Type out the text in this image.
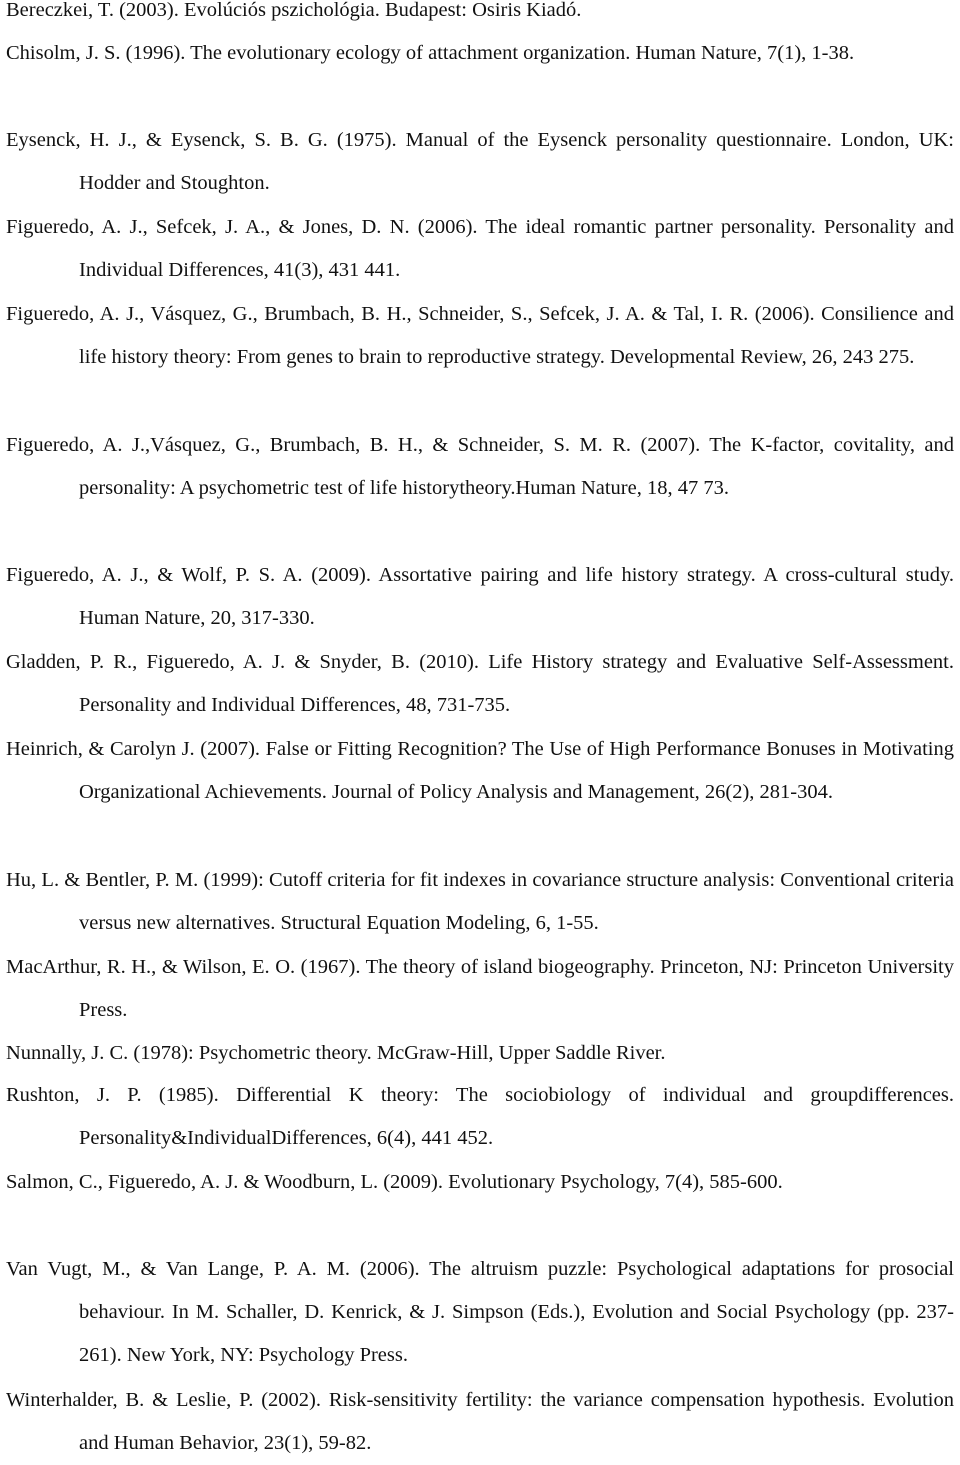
Bereczkei, T. (2003). Evolúciós pszichológia. Budapest: Osiris Kiadó.
Chisolm, J. S. (1996). The evolutionary ecology of attachment organization. Human Nature, 7(1), 1-38.
Eysenck, H. J., & Eysenck, S. B. G. (1975). Manual of the Eysenck personality questionnaire. London, UK: Hodder and Stoughton.
Figueredo, A. J., Sefcek, J. A., & Jones, D. N. (2006). The ideal romantic partner personality. Personality and Individual Differences, 41(3), 431 441.
Figueredo, A. J., Vásquez, G., Brumbach, B. H., Schneider, S., Sefcek, J. A. & Tal, I. R. (2006). Consilience and life history theory: From genes to brain to reproductive strategy. Developmental Review, 26, 243 275.
Figueredo, A. J.,Vásquez, G., Brumbach, B. H., & Schneider, S. M. R. (2007). The K-factor, covitality, and personality: A psychometric test of life historytheory.Human Nature, 18, 47 73.
Figueredo, A. J., & Wolf, P. S. A. (2009). Assortative pairing and life history strategy. A cross-cultural study. Human Nature, 20, 317-330.
Gladden, P. R., Figueredo, A. J. & Snyder, B. (2010). Life History strategy and Evaluative Self-Assessment. Personality and Individual Differences, 48, 731-735.
Heinrich, & Carolyn J. (2007). False or Fitting Recognition? The Use of High Performance Bonuses in Motivating Organizational Achievements. Journal of Policy Analysis and Management, 26(2), 281-304.
Hu, L. & Bentler, P. M. (1999): Cutoff criteria for fit indexes in covariance structure analysis: Conventional criteria versus new alternatives. Structural Equation Modeling, 6, 1-55.
MacArthur, R. H., & Wilson, E. O. (1967). The theory of island biogeography. Princeton, NJ: Princeton University Press.
Nunnally, J. C. (1978): Psychometric theory. McGraw-Hill, Upper Saddle River.
Rushton, J. P. (1985). Differential K theory: The sociobiology of individual and groupdifferences. Personality&IndividualDifferences, 6(4), 441 452.
Salmon, C., Figueredo, A. J. & Woodburn, L. (2009). Evolutionary Psychology, 7(4), 585-600.
Van Vugt, M., & Van Lange, P. A. M. (2006). The altruism puzzle: Psychological adaptations for prosocial behaviour. In M. Schaller, D. Kenrick, & J. Simpson (Eds.), Evolution and Social Psychology (pp. 237-261). New York, NY: Psychology Press.
Winterhalder, B. & Leslie, P. (2002). Risk-sensitivity fertility: the variance compensation hypothesis. Evolution and Human Behavior, 23(1), 59-82.
